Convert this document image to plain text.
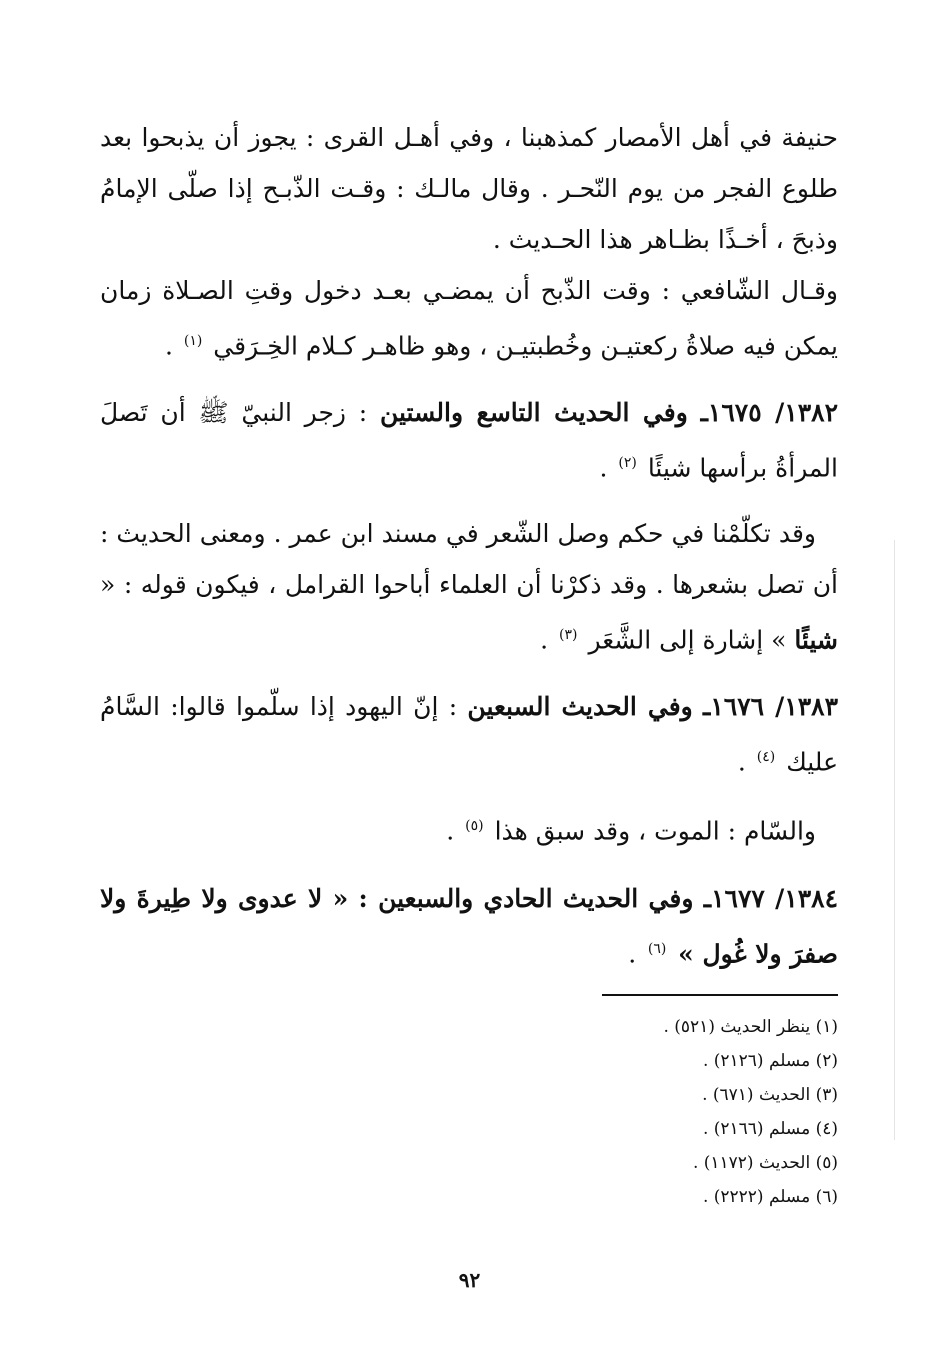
حنيفة في أهل الأمصار كمذهبنا ، وفي أهـل القرى : يجوز أن يذبحوا بعد طلوع الفجر من يوم النّحـر . وقال مالـك : وقـت الذّبـح إذا صلّى الإمامُ وذبحَ ، أخـذًا بظـاهر هذا الحـديث .

وقـال الشّافعي : وقت الذّبح أن يمضـي بعـد دخول وقتِ الصـلاة زمان يمكن فيه صلاةُ ركعتيـن وخُطبتيـن ، وهو ظاهـر كـلام الخِـرَقي $^{(١)}$ .

١٣٨٢/ ١٦٧٥ـ وفي الحديث التاسع والستين : زجر النبيّ ﷺ أن تَصلَ المرأةُ برأسها شيئًا $^{(٢)}$ .

وقد تكلّمْنا في حكم وصل الشّعر في مسند ابن عمر . ومعنى الحديث : أن تصل بشعرها . وقد ذكرْنا أن العلماء أباحوا القرامل ، فيكون قوله : « شيئًا » إشارة إلى الشَّعَر $^{(٣)}$ .

١٣٨٣/ ١٦٧٦ـ وفي الحديث السبعين : إنّ اليهود إذا سلّموا قالوا: السَّامُ عليك $^{(٤)}$ .

والسّام : الموت ، وقد سبق هذا $^{(٥)}$ .

١٣٨٤/ ١٦٧٧ـ وفي الحديث الحادي والسبعين : « لا عدوى ولا طِيرةَ ولا صفرَ ولا غُول » $^{(٦)}$ .

(١) ينظر الحديث (٥٢١) .

(٢) مسلم (٢١٢٦) .

(٣) الحديث (٦٧١) .

(٤) مسلم (٢١٦٦) .

(٥) الحديث (١١٧٢) .

(٦) مسلم (٢٢٢٢) .

٩٢
